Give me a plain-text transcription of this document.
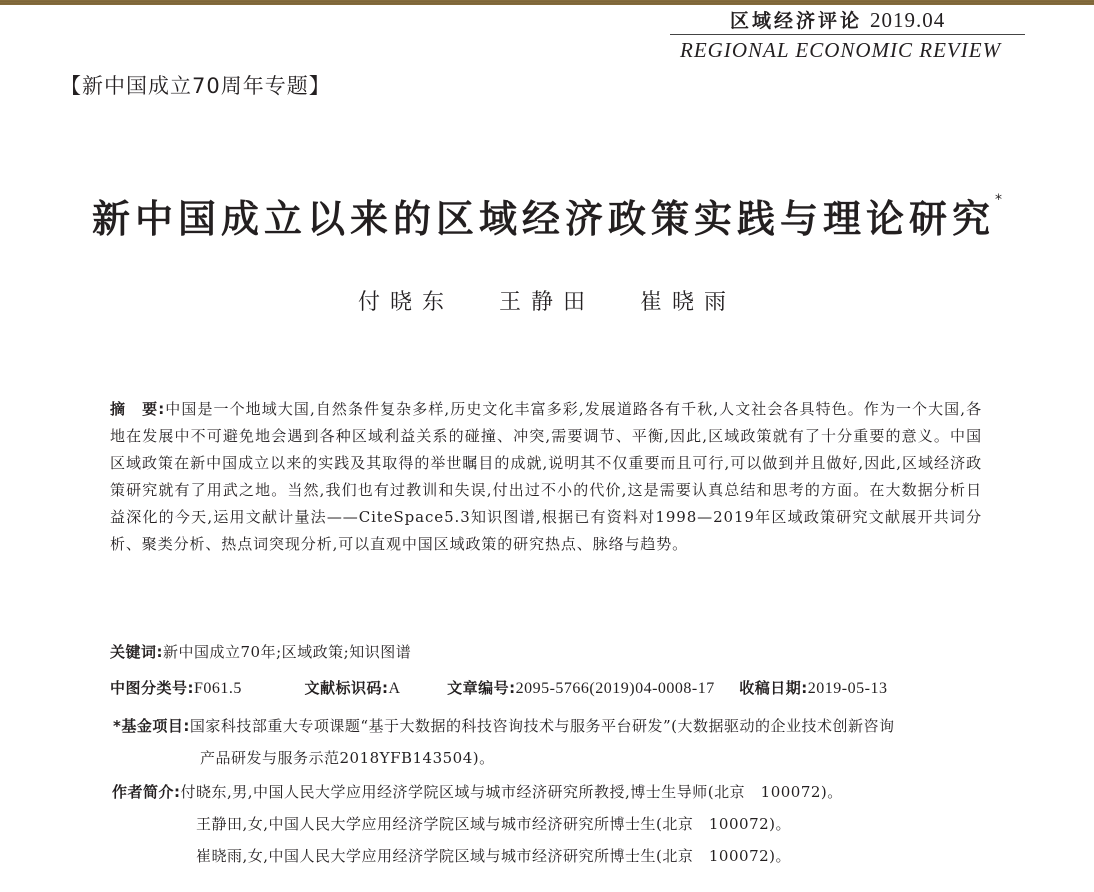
区域经济评论 2019.04
REGIONAL ECONOMIC REVIEW
【新中国成立70周年专题】
新中国成立以来的区域经济政策实践与理论研究*
付晓东 王静田 崔晓雨
摘　要:中国是一个地域大国,自然条件复杂多样,历史文化丰富多彩,发展道路各有千秋,人文社会各具特色。作为一个大国,各地在发展中不可避免地会遇到各种区域利益关系的碰撞、冲突,需要调节、平衡,因此,区域政策就有了十分重要的意义。中国区域政策在新中国成立以来的实践及其取得的举世瞩目的成就,说明其不仅重要而且可行,可以做到并且做好,因此,区域经济政策研究就有了用武之地。当然,我们也有过教训和失误,付出过不小的代价,这是需要认真总结和思考的方面。在大数据分析日益深化的今天,运用文献计量法——CiteSpace5.3知识图谱,根据已有资料对1998—2019年区域政策研究文献展开共词分析、聚类分析、热点词突现分析,可以直观中国区域政策的研究热点、脉络与趋势。
关键词:新中国成立70年;区域政策;知识图谱
中图分类号:F061.5	文献标识码:A	文章编号:2095-5766(2019)04-0008-17 收稿日期:2019-05-13
*基金项目:国家科技部重大专项课题“基于大数据的科技咨询技术与服务平台研发”(大数据驱动的企业技术创新咨询
产品研发与服务示范2018YFB143504)。
作者简介:付晓东,男,中国人民大学应用经济学院区域与城市经济研究所教授,博士生导师(北京　100072)。
王静田,女,中国人民大学应用经济学院区域与城市经济研究所博士生(北京　100072)。
崔晓雨,女,中国人民大学应用经济学院区域与城市经济研究所博士生(北京　100072)。
